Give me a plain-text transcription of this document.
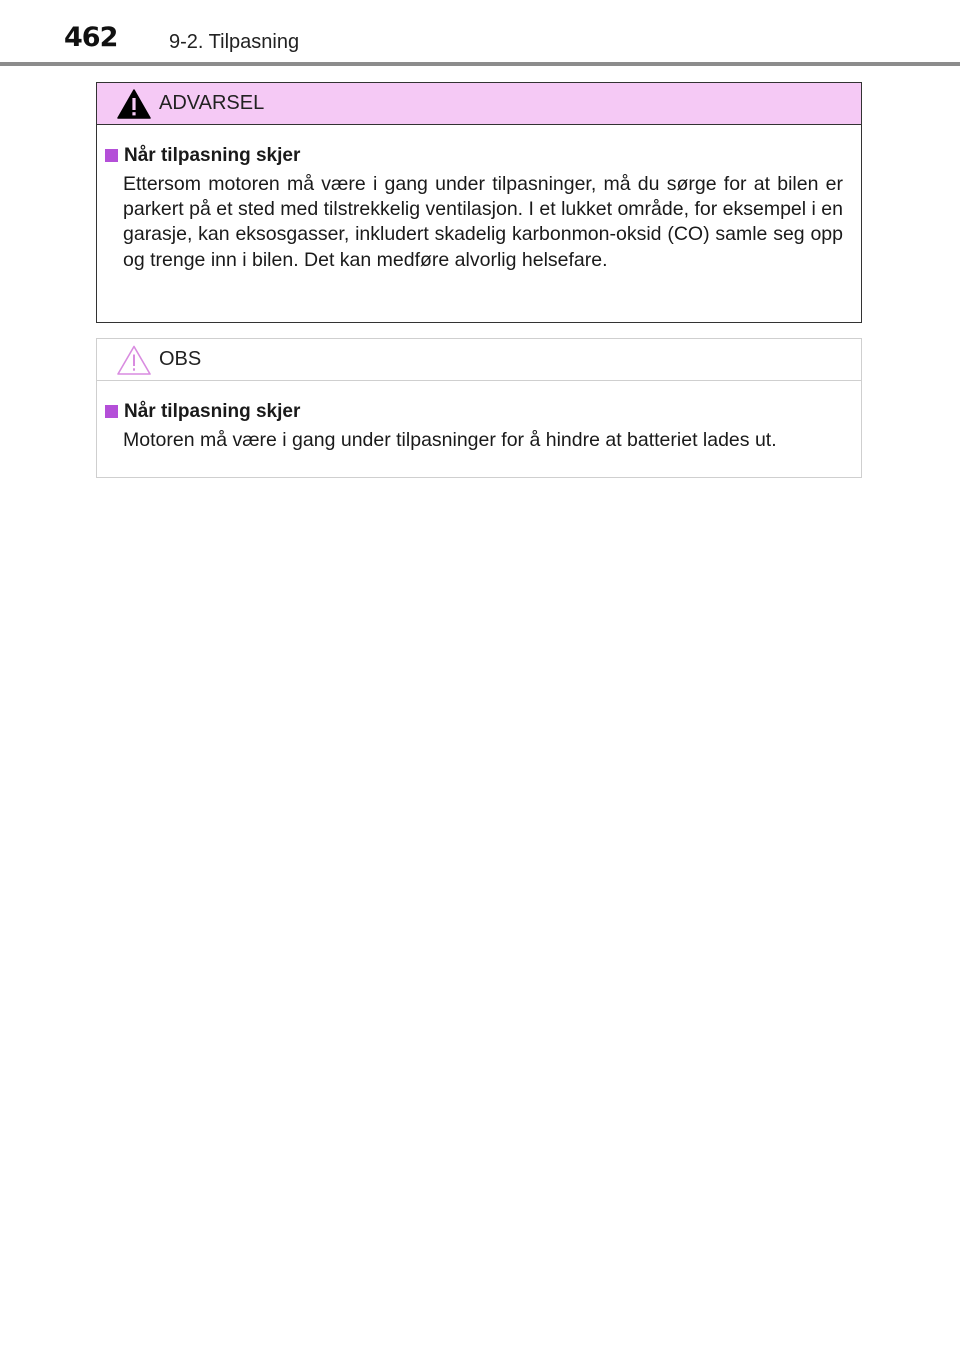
462	9-2. Tilpasning
ADVARSEL
Når tilpasning skjer

Ettersom motoren må være i gang under tilpasninger, må du sørge for at bilen er parkert på et sted med tilstrekkelig ventilasjon. I et lukket område, for eksempel i en garasje, kan eksosgasser, inkludert skadelig karbonmon-oksid (CO) samle seg opp og trenge inn i bilen. Det kan medføre alvorlig helsefare.

OBS
Når tilpasning skjer

Motoren må være i gang under tilpasninger for å hindre at batteriet lades ut.
